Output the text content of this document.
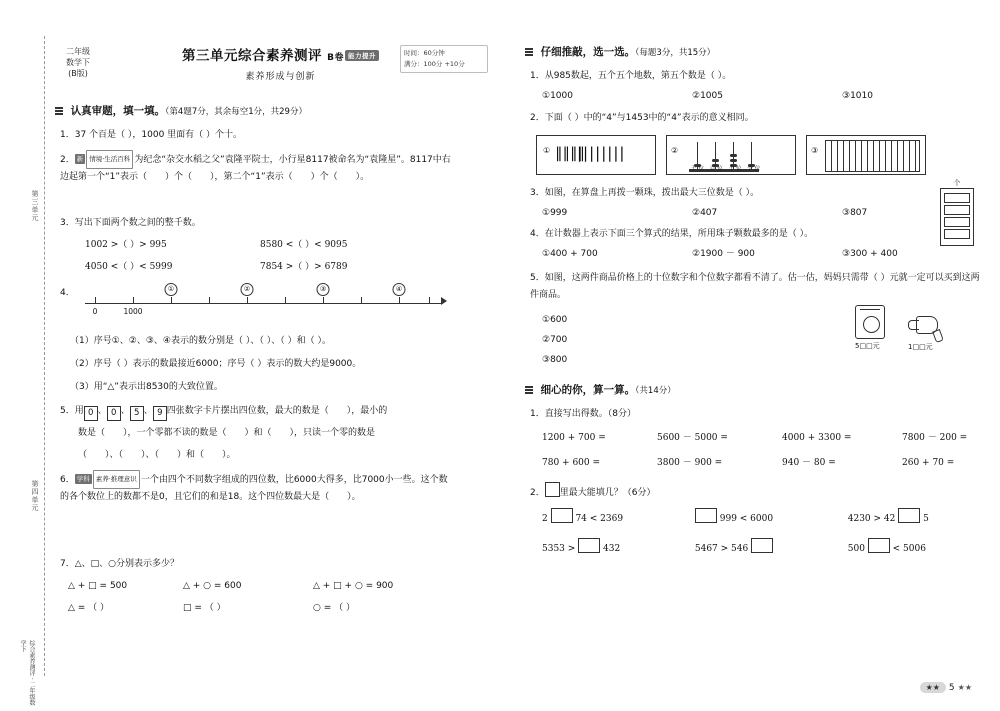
第三单元
第四单元
综合素养测评 · 二年级数学下
二年级
数学下
(B版)
第三单元综合素养测评 B卷 能力提升
素养形成与创新
时间：60分钟
满分：100分 +10分
认真审题，填一填。（第4题7分，其余每空1分，共29分）
1．37 个百是（ ），1000 里面有（ ）个十。
2． 新 情境·生活百科 为纪念“杂交水稻之父”袁隆平院士，小行星8117被命名为“袁隆星”。8117中右边起第一个“1”表示（　　）个（　　），第二个“1”表示（　　）个（　　）。
3．写出下面两个数之间的整千数。
1002 >（ ）> 995	8580 <（ ）< 9095
4050 <（ ）< 5999	7854 >（ ）> 6789
4．
0	1000
①	②	③	④
（1）序号①、②、③、④表示的数分别是（ ）、（ ）、（ ）和（ ）。
（2）序号（ ）表示的数最接近6000；序号（ ）表示的数大约是9000。
（3）用“△”表示出8530的大致位置。
5．用 0 、 0 、 5 、 9 四张数字卡片摆出四位数，最大的数是（　　），最小的
数是（　　），一个零都不读的数是（　　）和（　　），只读一个零的数是
（　　）、（　　）、（　　）和（　　）。
6． 学科 素养·推理意识 一个由四个不同数字组成的四位数，比6000大得多，比7000小一些。这个数的各个数位上的数都不是0，且它们的和是18。这个四位数最大是（　　）。
7．△、□、○分别表示多少？
△ + □ = 500	△ + ○ = 600	△ + □ + ○ = 900
△ = （ ）	□ = （ ）	○ = （ ）
仔细推敲，选一选。（每题3分，共15分）
1．从985数起，五个五个地数，第五个数是（ ）。
①1000	②1005	③1010
2．下面（ ）中的“4”与1453中的“4”表示的意义相同。
||||||||
① ∥∥∥∥	②
千位 百位 十位 个位
③
3．如图，在算盘上再拨一颗珠，拨出最大三位数是（ ）。
①999	②407	③807
个
4．在计数器上表示下面三个算式的结果，所用珠子颗数最多的是（ ）。
①400 + 700	②1900 － 900	③300 + 400
5．如图，这两件商品价格上的十位数字和个位数字都看不清了。估一估，妈妈只需带（ ）元就一定可以买到这两件商品。
①600
②700
③800
5□□元	1□□元
细心的你，算一算。（共14分）
1．直接写出得数。（8分）
1200 + 700 =	5600 － 5000 =	4000 + 3300 =	7800 － 200 =
780 + 600 =	3800 － 900 =	940 － 80 =	260 + 70 =
2． 里最大能填几？（6分）
2  74 < 2369	999 < 6000	4230 > 42  5
5353 >  432	5467 > 546	500  < 5006
★★	5 ★★
